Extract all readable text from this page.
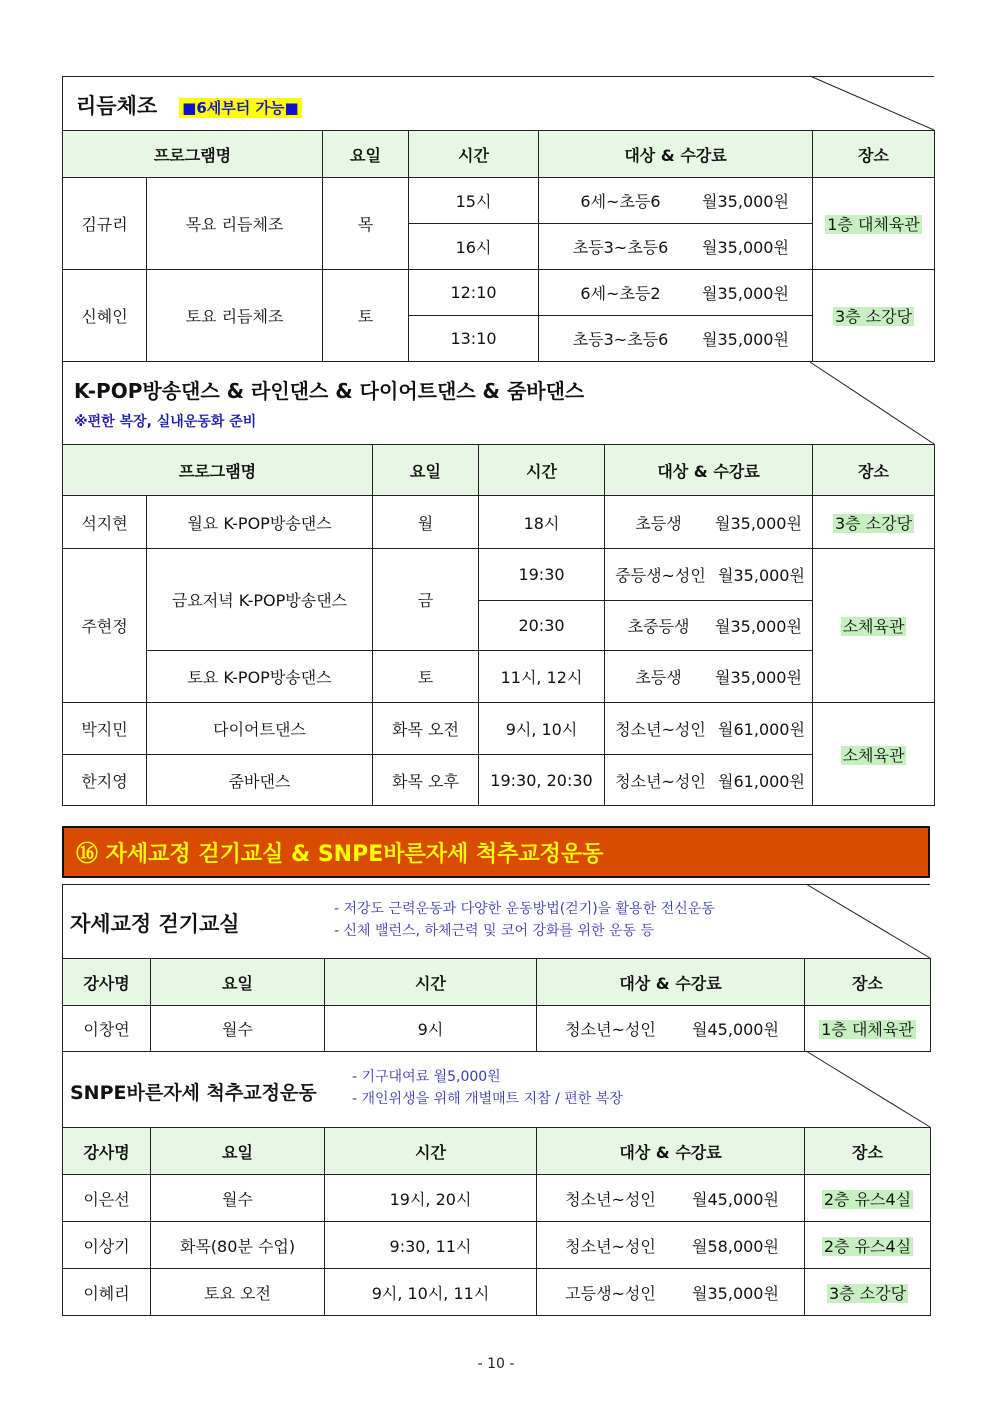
리듬체조 ■6세부터 가능■
프로그램명		요일	시간	대상 & 수강료	장소
김규리	목요 리듬체조	목	15시	6세~초등6 월35,000원	1층 대체육관
			16시	초등3~초등6 월35,000원	

신혜인	토요 리듬체조	토	12:10	6세~초등2 월35,000원	3층 소강당
			13:10	초등3~초등6 월35,000원	
K-POP방송댄스 & 라인댄스 & 다이어트댄스 & 줌바댄스
※편한 복장, 실내운동화 준비
프로그램명		요일	시간	대상 & 수강료	장소
석지현	월요 K-POP방송댄스	월	18시	초등생 월35,000원	3층 소강당
주현정	금요저녁 K-POP방송댄스	금	19:30	중등생~성인 월35,000원	소체육관
			20:30	초중등생 월35,000원	

	토요 K-POP방송댄스	토	11시, 12시	초등생 월35,000원	

박지민	다이어트댄스	화목 오전	9시, 10시	청소년~성인 월61,000원	소체육관
한지영	줌바댄스	화목 오후	19:30, 20:30	청소년~성인 월61,000원	
⑯ 자세교정 걷기교실 & SNPE바른자세 척추교정운동
자세교정 걷기교실
- 저강도 근력운동과 다양한 운동방법(걷기)을 활용한 전신운동
- 신체 밸런스, 하체근력 및 코어 강화를 위한 운동 등
강사명	요일	시간	대상 & 수강료	장소
이창연	월수	9시	청소년~성인 월45,000원	1층 대체육관
SNPE바른자세 척추교정운동
- 기구대여료 월5,000원
- 개인위생을 위해 개별매트 지참 / 편한 복장
강사명	요일	시간	대상 & 수강료	장소
이은선	월수	19시, 20시	청소년~성인 월45,000원	2층 유스4실
이상기	화목(80분 수업)	9:30, 11시	청소년~성인 월58,000원	2층 유스4실
이혜리	토요 오전	9시, 10시, 11시	고등생~성인 월35,000원	3층 소강당
- 10 -
